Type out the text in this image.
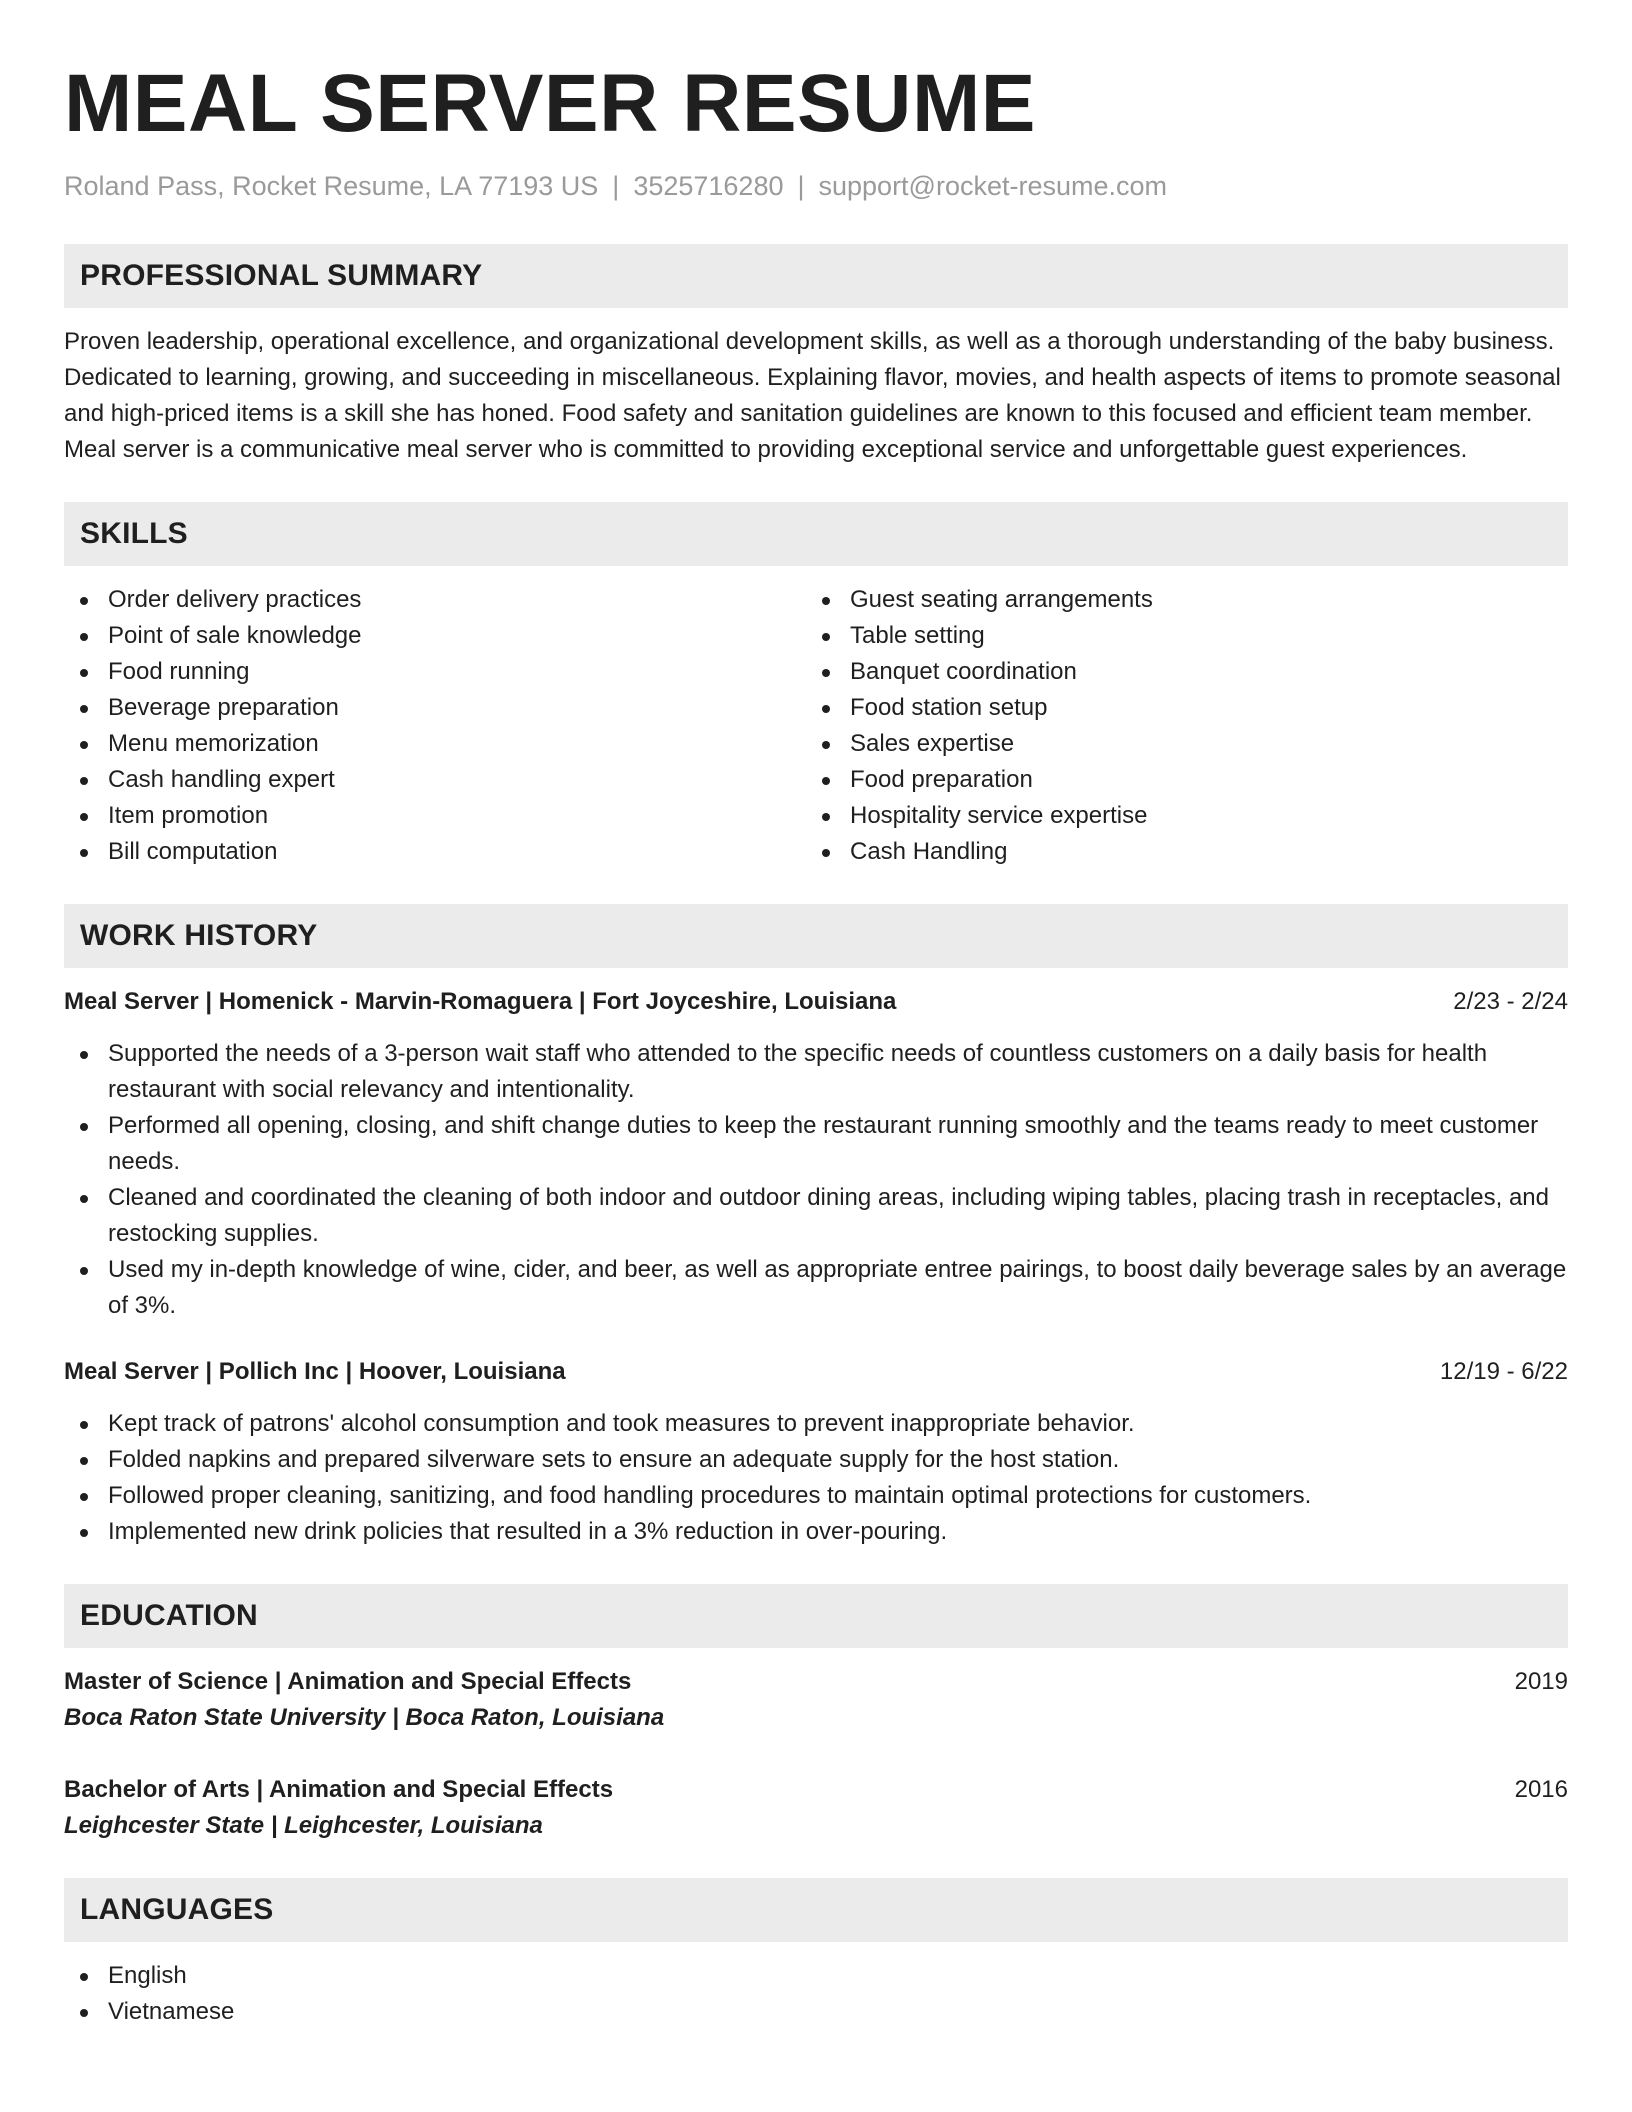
MEAL SERVER RESUME
Roland Pass, Rocket Resume, LA 77193 US | 3525716280 | support@rocket-resume.com
PROFESSIONAL SUMMARY
Proven leadership, operational excellence, and organizational development skills, as well as a thorough understanding of the baby business. Dedicated to learning, growing, and succeeding in miscellaneous. Explaining flavor, movies, and health aspects of items to promote seasonal and high-priced items is a skill she has honed. Food safety and sanitation guidelines are known to this focused and efficient team member. Meal server is a communicative meal server who is committed to providing exceptional service and unforgettable guest experiences.
SKILLS
Order delivery practices
Point of sale knowledge
Food running
Beverage preparation
Menu memorization
Cash handling expert
Item promotion
Bill computation
Guest seating arrangements
Table setting
Banquet coordination
Food station setup
Sales expertise
Food preparation
Hospitality service expertise
Cash Handling
WORK HISTORY
Meal Server | Homenick - Marvin-Romaguera | Fort Joyceshire, Louisiana	2/23 - 2/24
Supported the needs of a 3-person wait staff who attended to the specific needs of countless customers on a daily basis for health restaurant with social relevancy and intentionality.
Performed all opening, closing, and shift change duties to keep the restaurant running smoothly and the teams ready to meet customer needs.
Cleaned and coordinated the cleaning of both indoor and outdoor dining areas, including wiping tables, placing trash in receptacles, and restocking supplies.
Used my in-depth knowledge of wine, cider, and beer, as well as appropriate entree pairings, to boost daily beverage sales by an average of 3%.
Meal Server | Pollich Inc | Hoover, Louisiana	12/19 - 6/22
Kept track of patrons' alcohol consumption and took measures to prevent inappropriate behavior.
Folded napkins and prepared silverware sets to ensure an adequate supply for the host station.
Followed proper cleaning, sanitizing, and food handling procedures to maintain optimal protections for customers.
Implemented new drink policies that resulted in a 3% reduction in over-pouring.
EDUCATION
Master of Science | Animation and Special Effects	2019
Boca Raton State University | Boca Raton, Louisiana
Bachelor of Arts | Animation and Special Effects	2016
Leighcester State | Leighcester, Louisiana
LANGUAGES
English
Vietnamese
